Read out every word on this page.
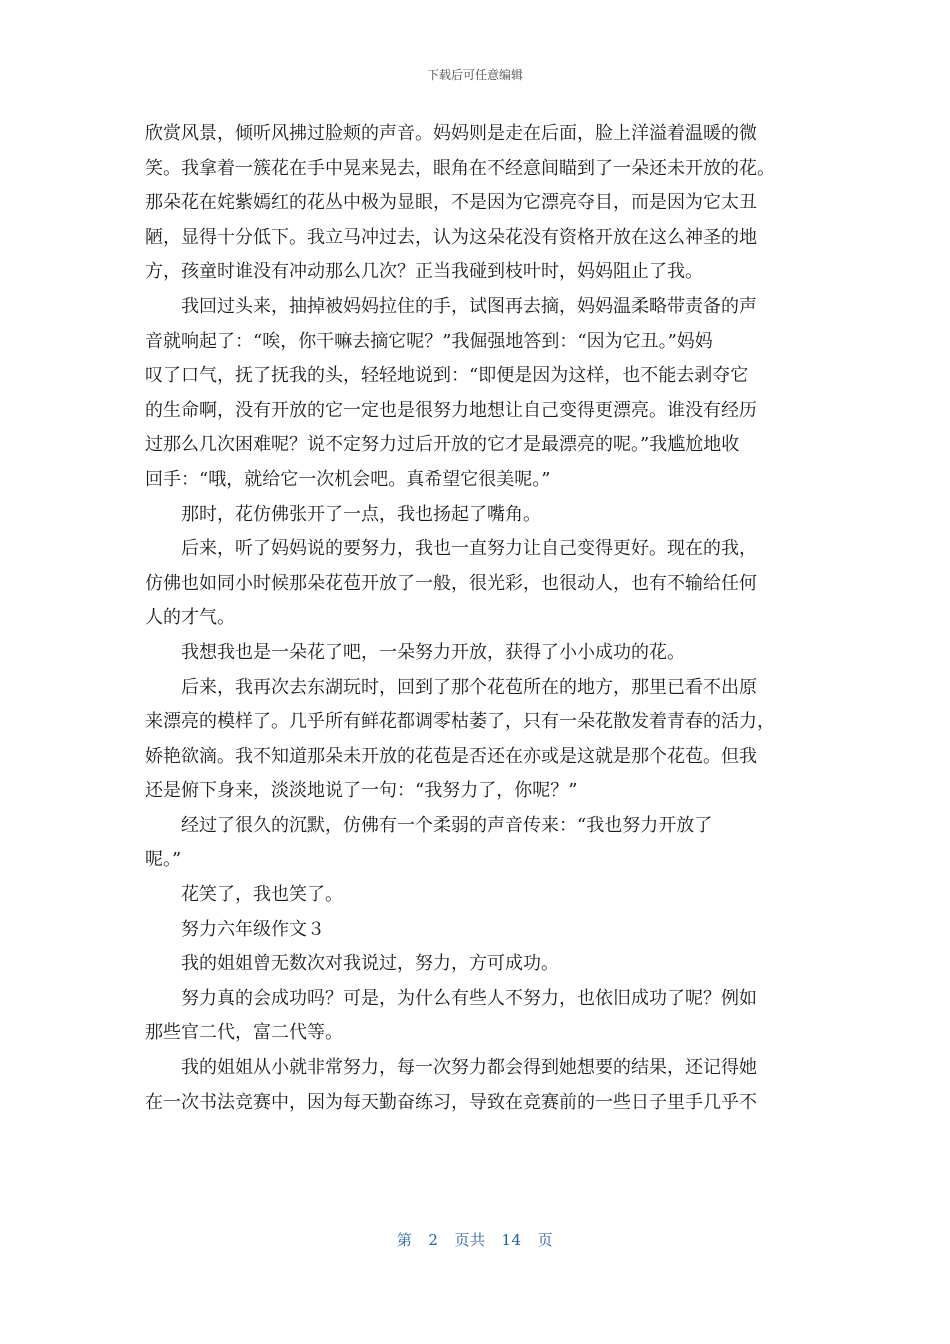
下载后可任意编辑

欣赏风景，倾听风拂过脸颊的声音。妈妈则是走在后面，脸上洋溢着温暖的微
笑。我拿着一簇花在手中晃来晃去，眼角在不经意间瞄到了一朵还未开放的花。
那朵花在姹紫嫣红的花丛中极为显眼，不是因为它漂亮夺目，而是因为它太丑
陋，显得十分低下。我立马冲过去，认为这朵花没有资格开放在这么神圣的地
方，孩童时谁没有冲动那么几次？正当我碰到枝叶时，妈妈阻止了我。

我回过头来，抽掉被妈妈拉住的手，试图再去摘，妈妈温柔略带责备的声
音就响起了：“唉，你干嘛去摘它呢？”我倔强地答到：“因为它丑。”妈妈
叹了口气，抚了抚我的头，轻轻地说到：“即便是因为这样，也不能去剥夺它
的生命啊，没有开放的它一定也是很努力地想让自己变得更漂亮。谁没有经历
过那么几次困难呢？说不定努力过后开放的它才是最漂亮的呢。”我尴尬地收
回手：“哦，就给它一次机会吧。真希望它很美呢。”

那时，花仿佛张开了一点，我也扬起了嘴角。

后来，听了妈妈说的要努力，我也一直努力让自己变得更好。现在的我，
仿佛也如同小时候那朵花苞开放了一般，很光彩，也很动人，也有不输给任何
人的才气。

我想我也是一朵花了吧，一朵努力开放，获得了小小成功的花。

后来，我再次去东湖玩时，回到了那个花苞所在的地方，那里已看不出原
来漂亮的模样了。几乎所有鲜花都调零枯萎了，只有一朵花散发着青春的活力，
娇艳欲滴。我不知道那朵未开放的花苞是否还在亦或是这就是那个花苞。但我
还是俯下身来，淡淡地说了一句：“我努力了，你呢？”

经过了很久的沉默，仿佛有一个柔弱的声音传来：“我也努力开放了
呢。”

花笑了，我也笑了。

努力六年级作文３

我的姐姐曾无数次对我说过，努力，方可成功。

努力真的会成功吗？可是，为什么有些人不努力，也依旧成功了呢？例如
那些官二代，富二代等。

我的姐姐从小就非常努力，每一次努力都会得到她想要的结果，还记得她
在一次书法竞赛中，因为每天勤奋练习，导致在竞赛前的一些日子里手几乎不

第 2 页共 14 页
